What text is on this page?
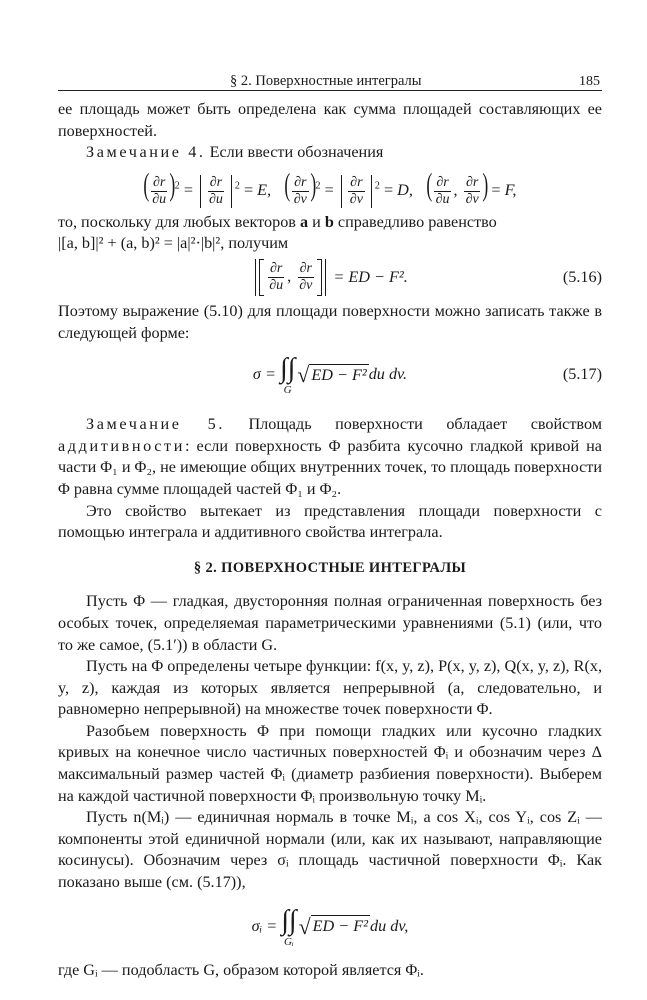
§ 2. Поверхностные интегралы	185

ее площадь может быть определена как сумма площадей составляющих ее поверхностей.

Замечание 4. Если ввести обозначения

( $\frac{\partial r}{\partial u} )^2 = \frac{\partial r}{\partial u} ^2 = E$, ( $\frac{\partial r}{\partial v} )^2 = \frac{\partial r}{\partial v} ^2 = D$, ( $\frac{\partial r}{\partial u}$ , $\frac{\partial r}{\partial v}$ ) = F,

то, поскольку для любых векторов a и b справедливо равенство
|[a, b]|² + (a, b)² = |a|²·|b|², получим

$\frac{\partial r}{\partial u}$ , $\frac{\partial r}{\partial v}$
= ED − F².	(5.16)

Поэтому выражение (5.10) для площади поверхности можно записать также в следующей форме:

σ =
∫∫
G
√ ED − F² du dv.	(5.17)

Замечание 5. Площадь поверхности обладает свойством аддитивности: если поверхность Φ разбита кусочно гладкой кривой на части Φ₁ и Φ₂, не имеющие общих внутренних точек, то площадь поверхности Φ равна сумме площадей частей Φ₁ и Φ₂.

Это свойство вытекает из представления площади поверхности с помощью интеграла и аддитивного свойства интеграла.

§ 2. ПОВЕРХНОСТНЫЕ ИНТЕГРАЛЫ

Пусть Φ — гладкая, двусторонняя полная ограниченная поверхность без особых точек, определяемая параметрическими уравнениями (5.1) (или, что то же самое, (5.1′)) в области G.

Пусть на Φ определены четыре функции: f(x, y, z), P(x, y, z), Q(x, y, z), R(x, y, z), каждая из которых является непрерывной (а, следовательно, и равномерно непрерывной) на множестве точек поверхности Φ.

Разобьем поверхность Φ при помощи гладких или кусочно гладких кривых на конечное число частичных поверхностей Φᵢ и обозначим через Δ максимальный размер частей Φᵢ (диаметр разбиения поверхности). Выберем на каждой частичной поверхности Φᵢ произвольную точку Mᵢ.

Пусть n(Mᵢ) — единичная нормаль в точке Mᵢ, а cos Xᵢ, cos Yᵢ, cos Zᵢ — компоненты этой единичной нормали (или, как их называют, направляющие косинусы). Обозначим через σᵢ площадь частичной поверхности Φᵢ. Как показано выше (см. (5.17)),

σᵢ =
∫∫
Gᵢ
√ ED − F² du dv,

где Gᵢ — подобласть G, образом которой является Φᵢ.
